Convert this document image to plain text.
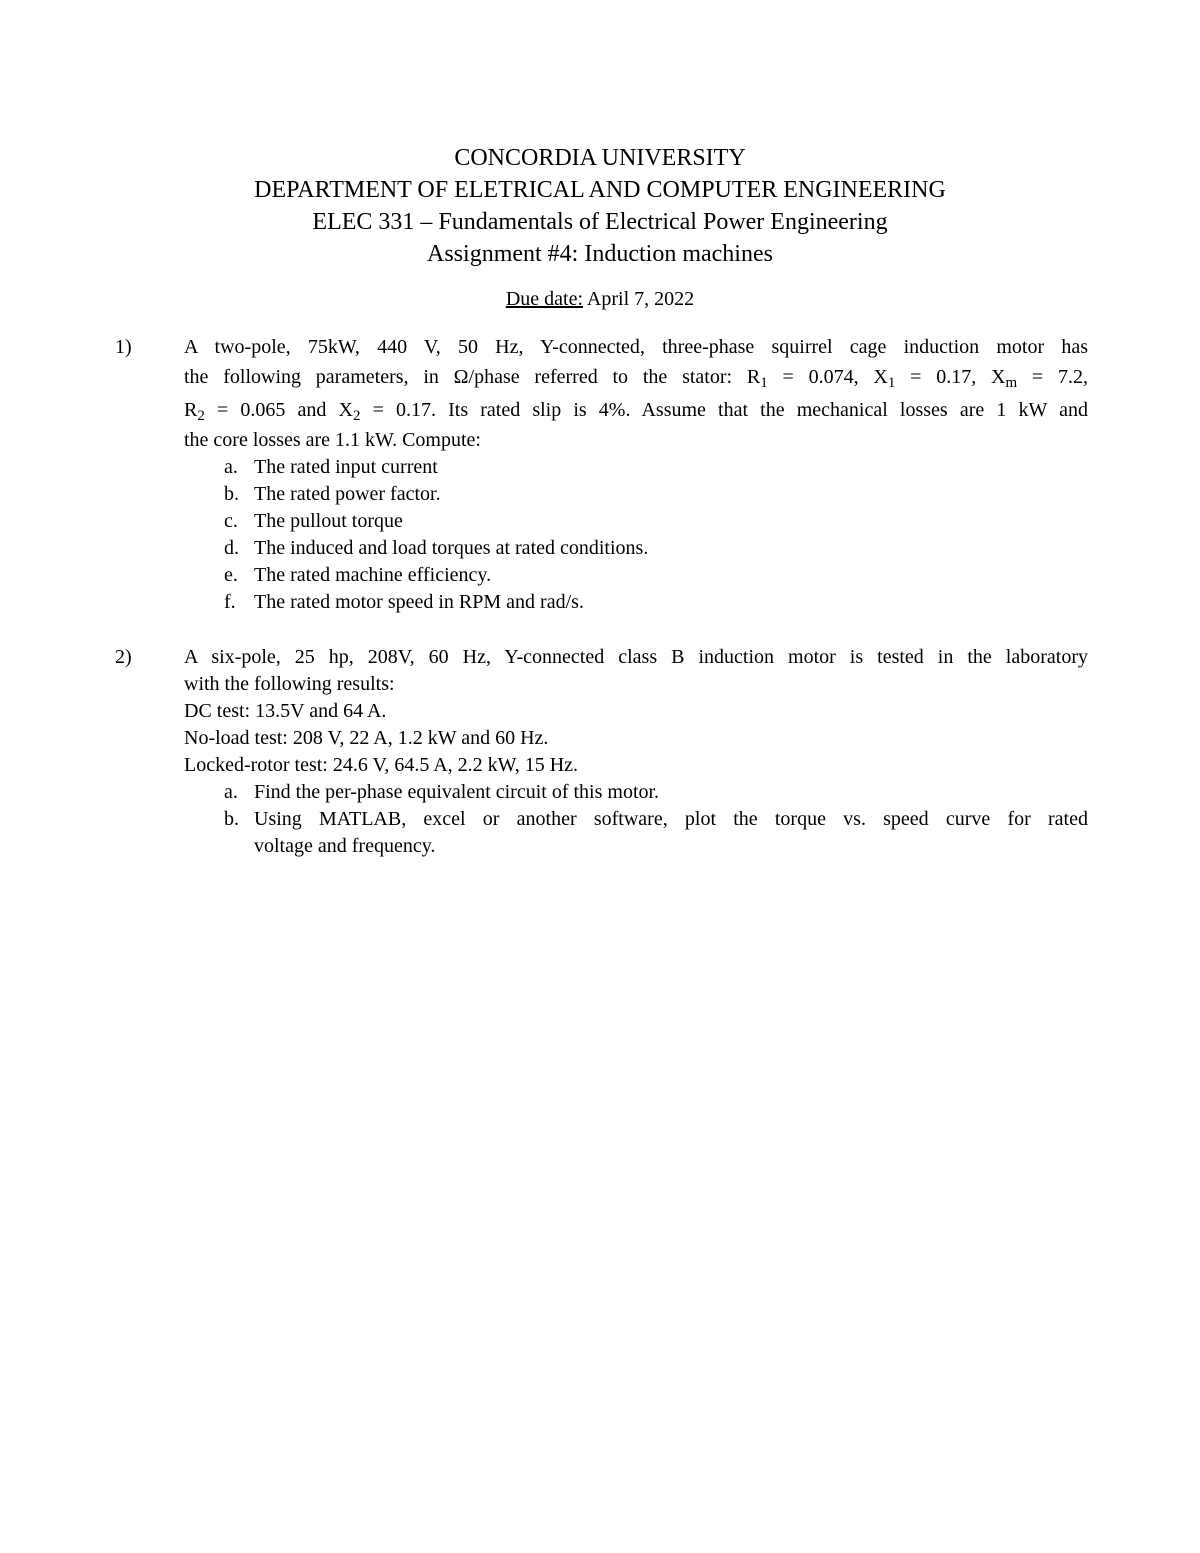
CONCORDIA UNIVERSITY
DEPARTMENT OF ELETRICAL AND COMPUTER ENGINEERING
ELEC 331 – Fundamentals of Electrical Power Engineering
Assignment #4: Induction machines
Due date: April 7, 2022
1)	A two-pole, 75kW, 440 V, 50 Hz, Y-connected, three-phase squirrel cage induction motor has
the following parameters, in Ω/phase referred to the stator: $R_1 = 0.074$, $X_1 = 0.17$, $X_m = 7.2$,
$R_2 = 0.065$ and $X_2 = 0.17$. Its rated slip is 4%. Assume that the mechanical losses are 1 kW and
the core losses are 1.1 kW. Compute:
a. The rated input current
b. The rated power factor.
c. The pullout torque
d. The induced and load torques at rated conditions.
e. The rated machine efficiency.
f. The rated motor speed in RPM and rad/s.
2)	A six-pole, 25 hp, 208V, 60 Hz, Y-connected class B induction motor is tested in the laboratory
with the following results:
DC test: 13.5V and 64 A.
No-load test: 208 V, 22 A, 1.2 kW and 60 Hz.
Locked-rotor test: 24.6 V, 64.5 A, 2.2 kW, 15 Hz.
a. Find the per-phase equivalent circuit of this motor.
b. Using MATLAB, excel or another software, plot the torque vs. speed curve for rated
voltage and frequency.
